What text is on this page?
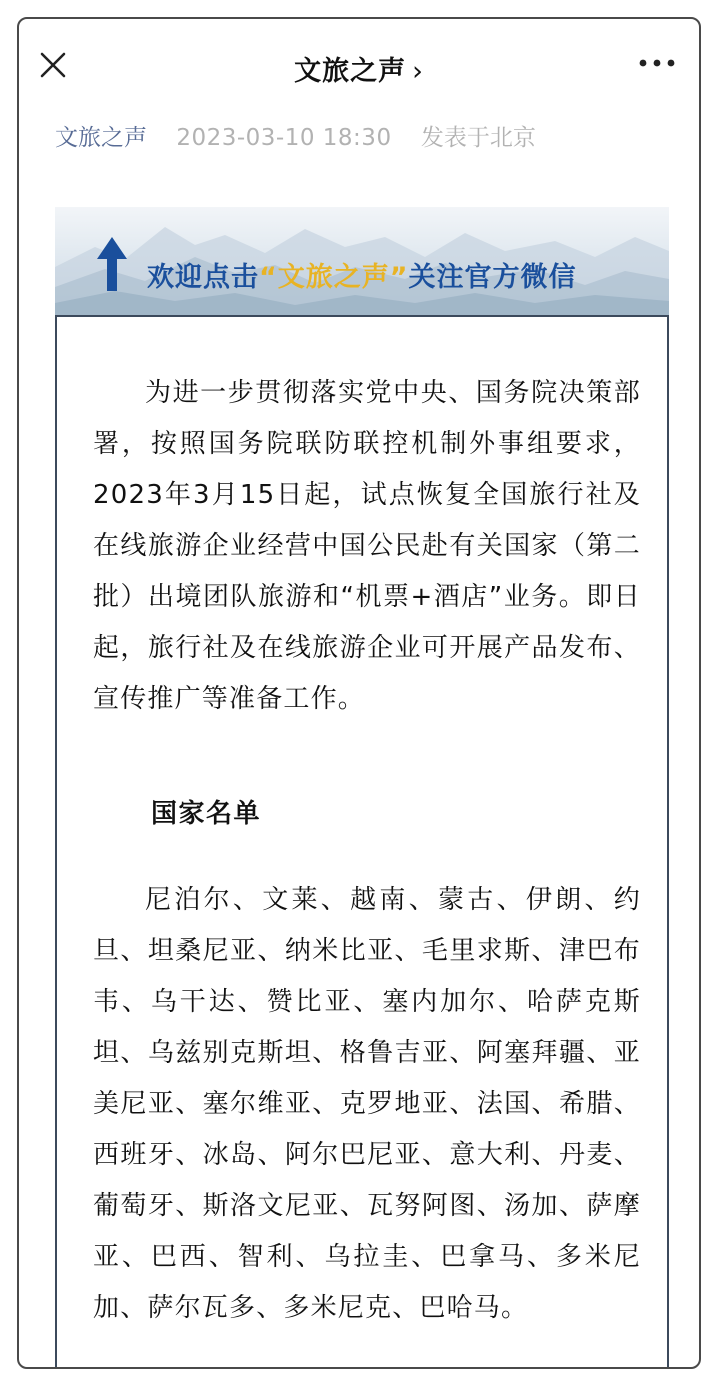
文旅之声 ›
文旅之声 2023-03-10 18:30 发表于北京
欢迎点击“文旅之声”关注官方微信

为进一步贯彻落实党中央、国务院决策部署，按照国务院联防联控机制外事组要求，2023年3月15日起，试点恢复全国旅行社及在线旅游企业经营中国公民赴有关国家（第二批）出境团队旅游和“机票+酒店”业务。即日起，旅行社及在线旅游企业可开展产品发布、宣传推广等准备工作。

国家名单

尼泊尔、文莱、越南、蒙古、伊朗、约旦、坦桑尼亚、纳米比亚、毛里求斯、津巴布韦、乌干达、赞比亚、塞内加尔、哈萨克斯坦、乌兹别克斯坦、格鲁吉亚、阿塞拜疆、亚美尼亚、塞尔维亚、克罗地亚、法国、希腊、西班牙、冰岛、阿尔巴尼亚、意大利、丹麦、葡萄牙、斯洛文尼亚、瓦努阿图、汤加、萨摩亚、巴西、智利、乌拉圭、巴拿马、多米尼加、萨尔瓦多、多米尼克、巴哈马。
